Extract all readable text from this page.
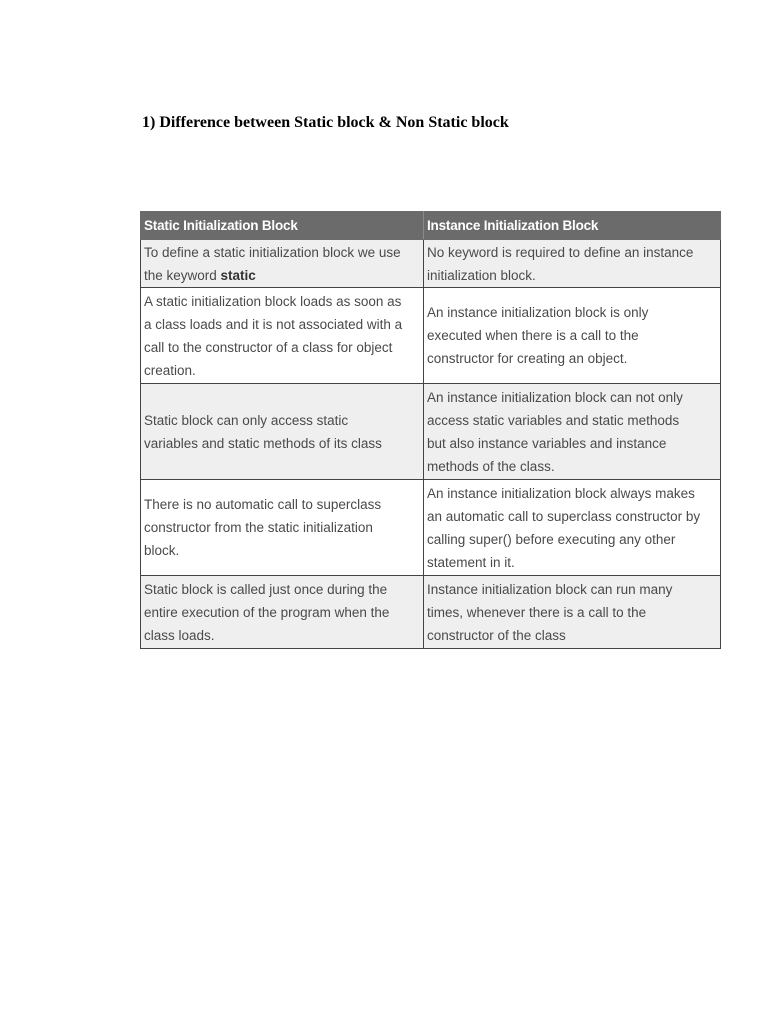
1) Difference between Static block & Non Static block
Static Initialization Block	Instance Initialization Block

To define a static initialization block we use
the keyword static	No keyword is required to define an instance
initialization block.

A static initialization block loads as soon as
a class loads and it is not associated with a
call to the constructor of a class for object
creation.	An instance initialization block is only
executed when there is a call to the
constructor for creating an object.

Static block can only access static
variables and static methods of its class	An instance initialization block can not only
access static variables and static methods
but also instance variables and instance
methods of the class.

There is no automatic call to superclass
constructor from the static initialization
block.	An instance initialization block always makes
an automatic call to superclass constructor by
calling super() before executing any other
statement in it.

Static block is called just once during the
entire execution of the program when the
class loads.	Instance initialization block can run many
times, whenever there is a call to the
constructor of the class
